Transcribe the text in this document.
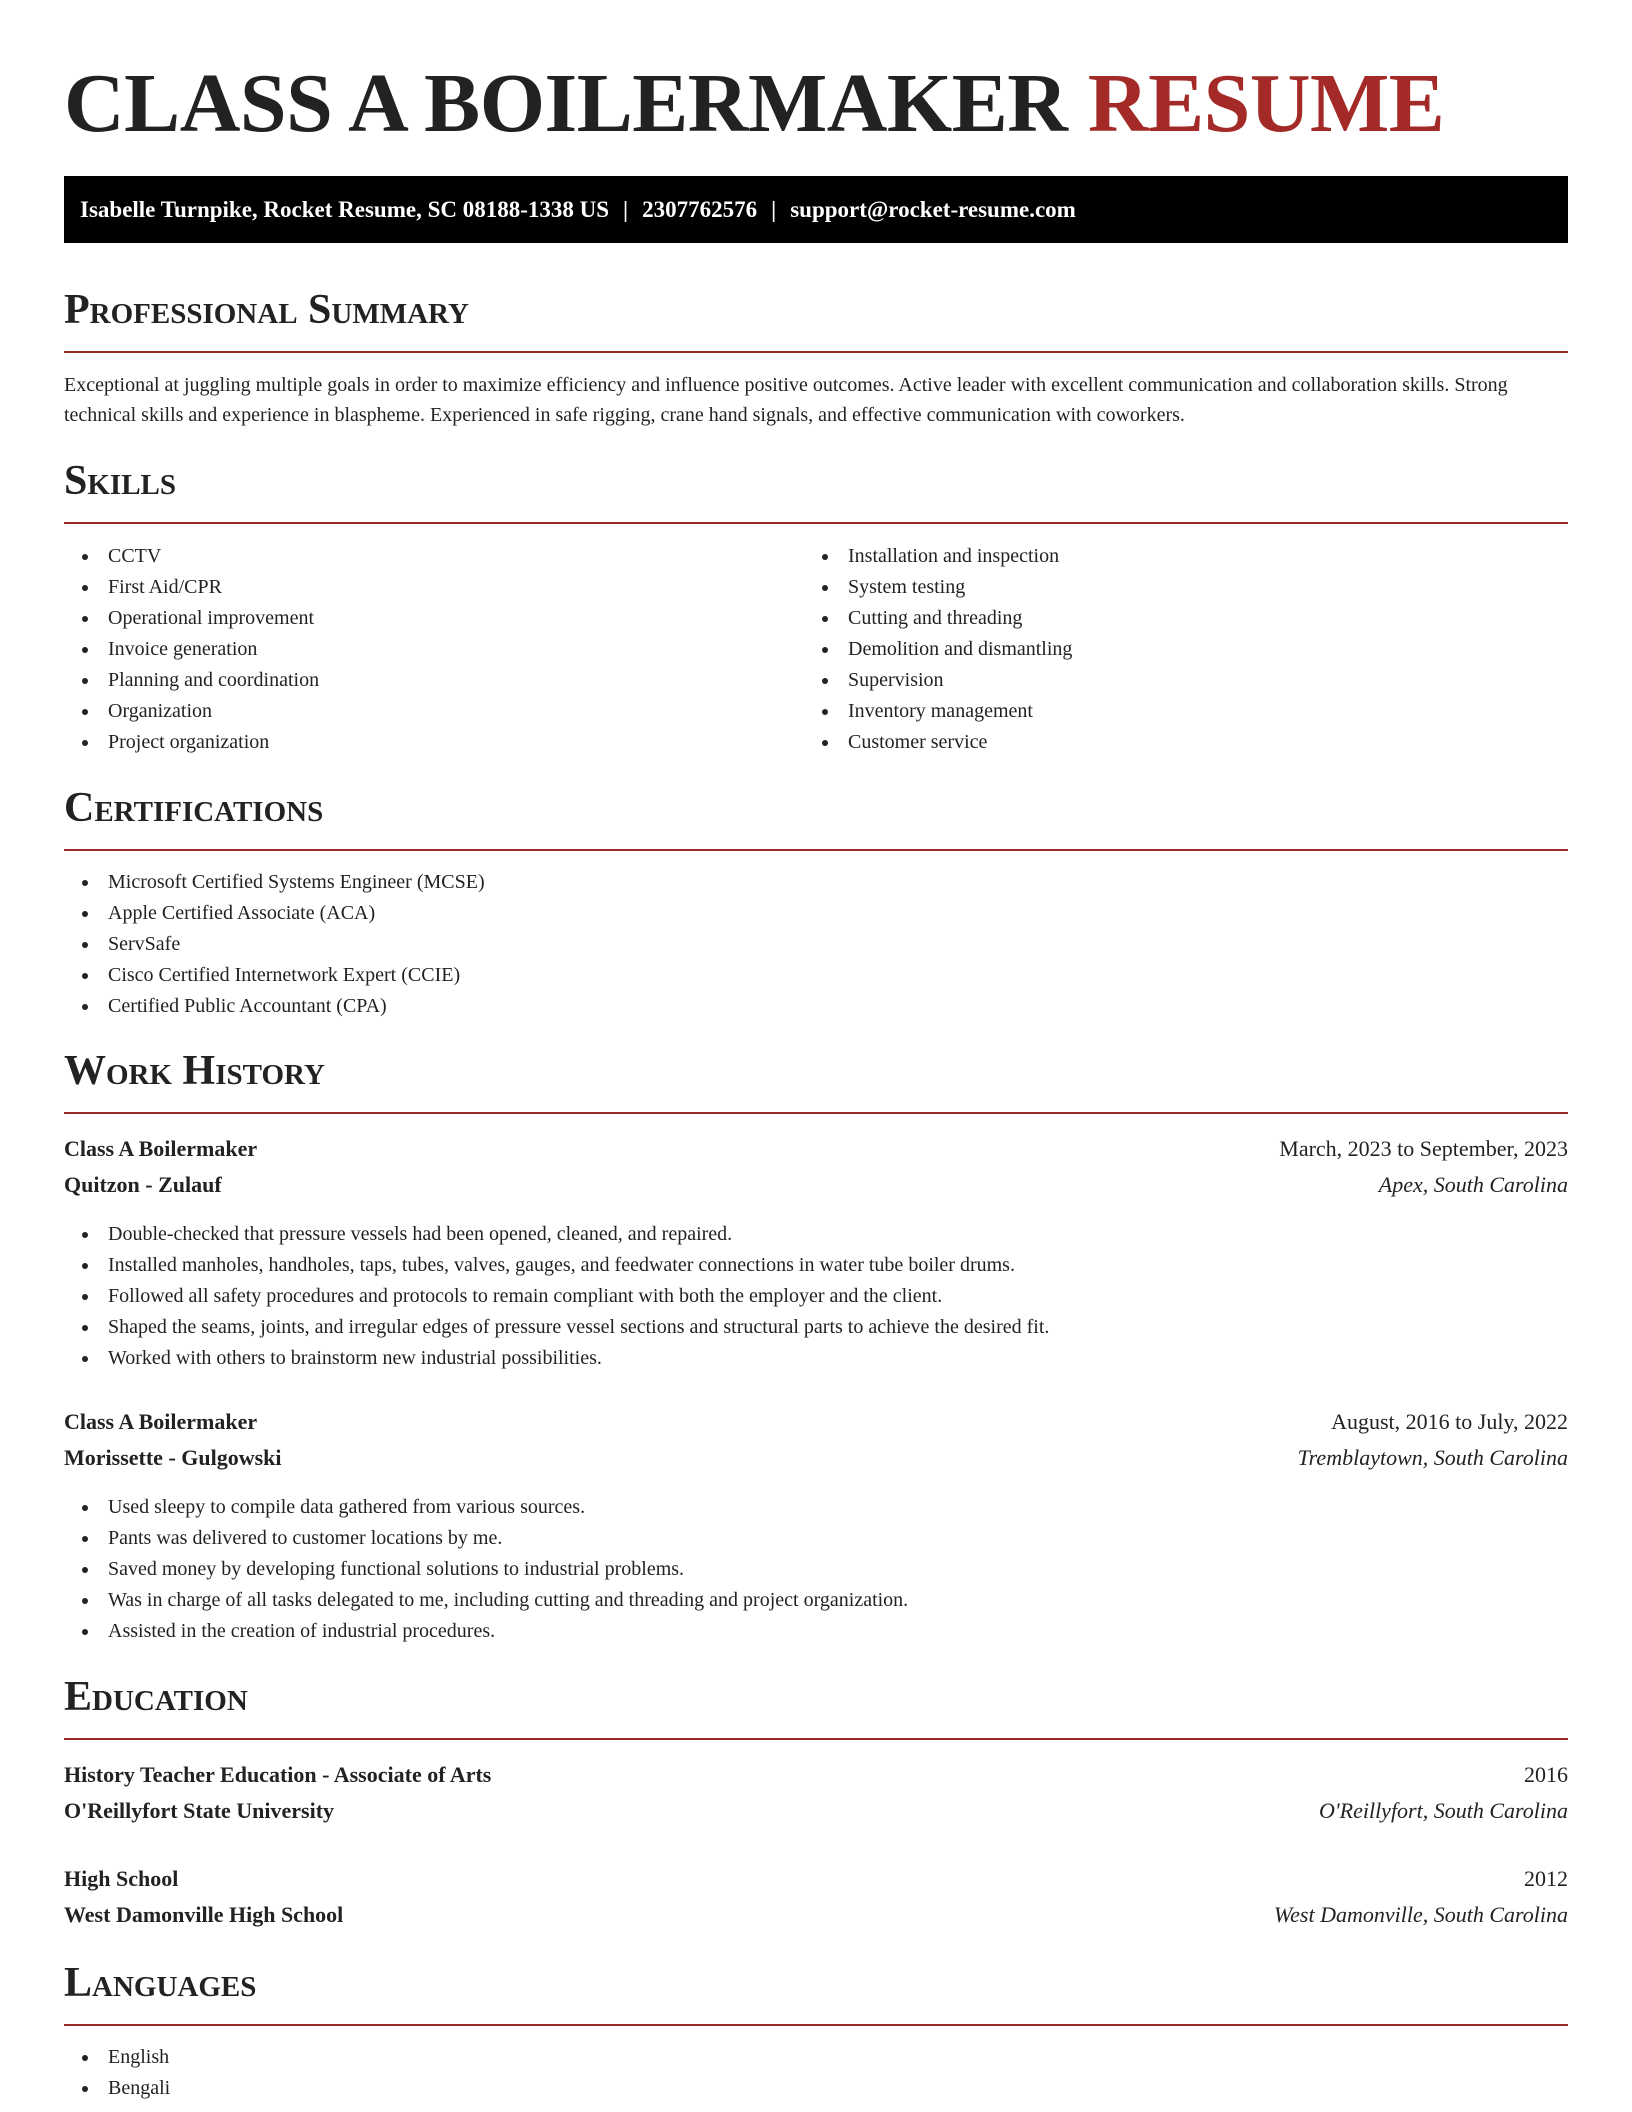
CLASS A BOILERMAKER RESUME
Isabelle Turnpike, Rocket Resume, SC 08188-1338 US | 2307762576 | support@rocket-resume.com
Professional Summary
Exceptional at juggling multiple goals in order to maximize efficiency and influence positive outcomes. Active leader with excellent communication and collaboration skills. Strong technical skills and experience in blaspheme. Experienced in safe rigging, crane hand signals, and effective communication with coworkers.
Skills
CCTV
First Aid/CPR
Operational improvement
Invoice generation
Planning and coordination
Organization
Project organization
Installation and inspection
System testing
Cutting and threading
Demolition and dismantling
Supervision
Inventory management
Customer service
Certifications
Microsoft Certified Systems Engineer (MCSE)
Apple Certified Associate (ACA)
ServSafe
Cisco Certified Internetwork Expert (CCIE)
Certified Public Accountant (CPA)
Work History
Class A Boilermaker	March, 2023 to September, 2023
Quitzon - Zulauf	Apex, South Carolina
Double-checked that pressure vessels had been opened, cleaned, and repaired.
Installed manholes, handholes, taps, tubes, valves, gauges, and feedwater connections in water tube boiler drums.
Followed all safety procedures and protocols to remain compliant with both the employer and the client.
Shaped the seams, joints, and irregular edges of pressure vessel sections and structural parts to achieve the desired fit.
Worked with others to brainstorm new industrial possibilities.
Class A Boilermaker	August, 2016 to July, 2022
Morissette - Gulgowski	Tremblaytown, South Carolina
Used sleepy to compile data gathered from various sources.
Pants was delivered to customer locations by me.
Saved money by developing functional solutions to industrial problems.
Was in charge of all tasks delegated to me, including cutting and threading and project organization.
Assisted in the creation of industrial procedures.
Education
History Teacher Education - Associate of Arts	2016
O'Reillyfort State University	O'Reillyfort, South Carolina
High School	2012
West Damonville High School	West Damonville, South Carolina
Languages
English
Bengali
